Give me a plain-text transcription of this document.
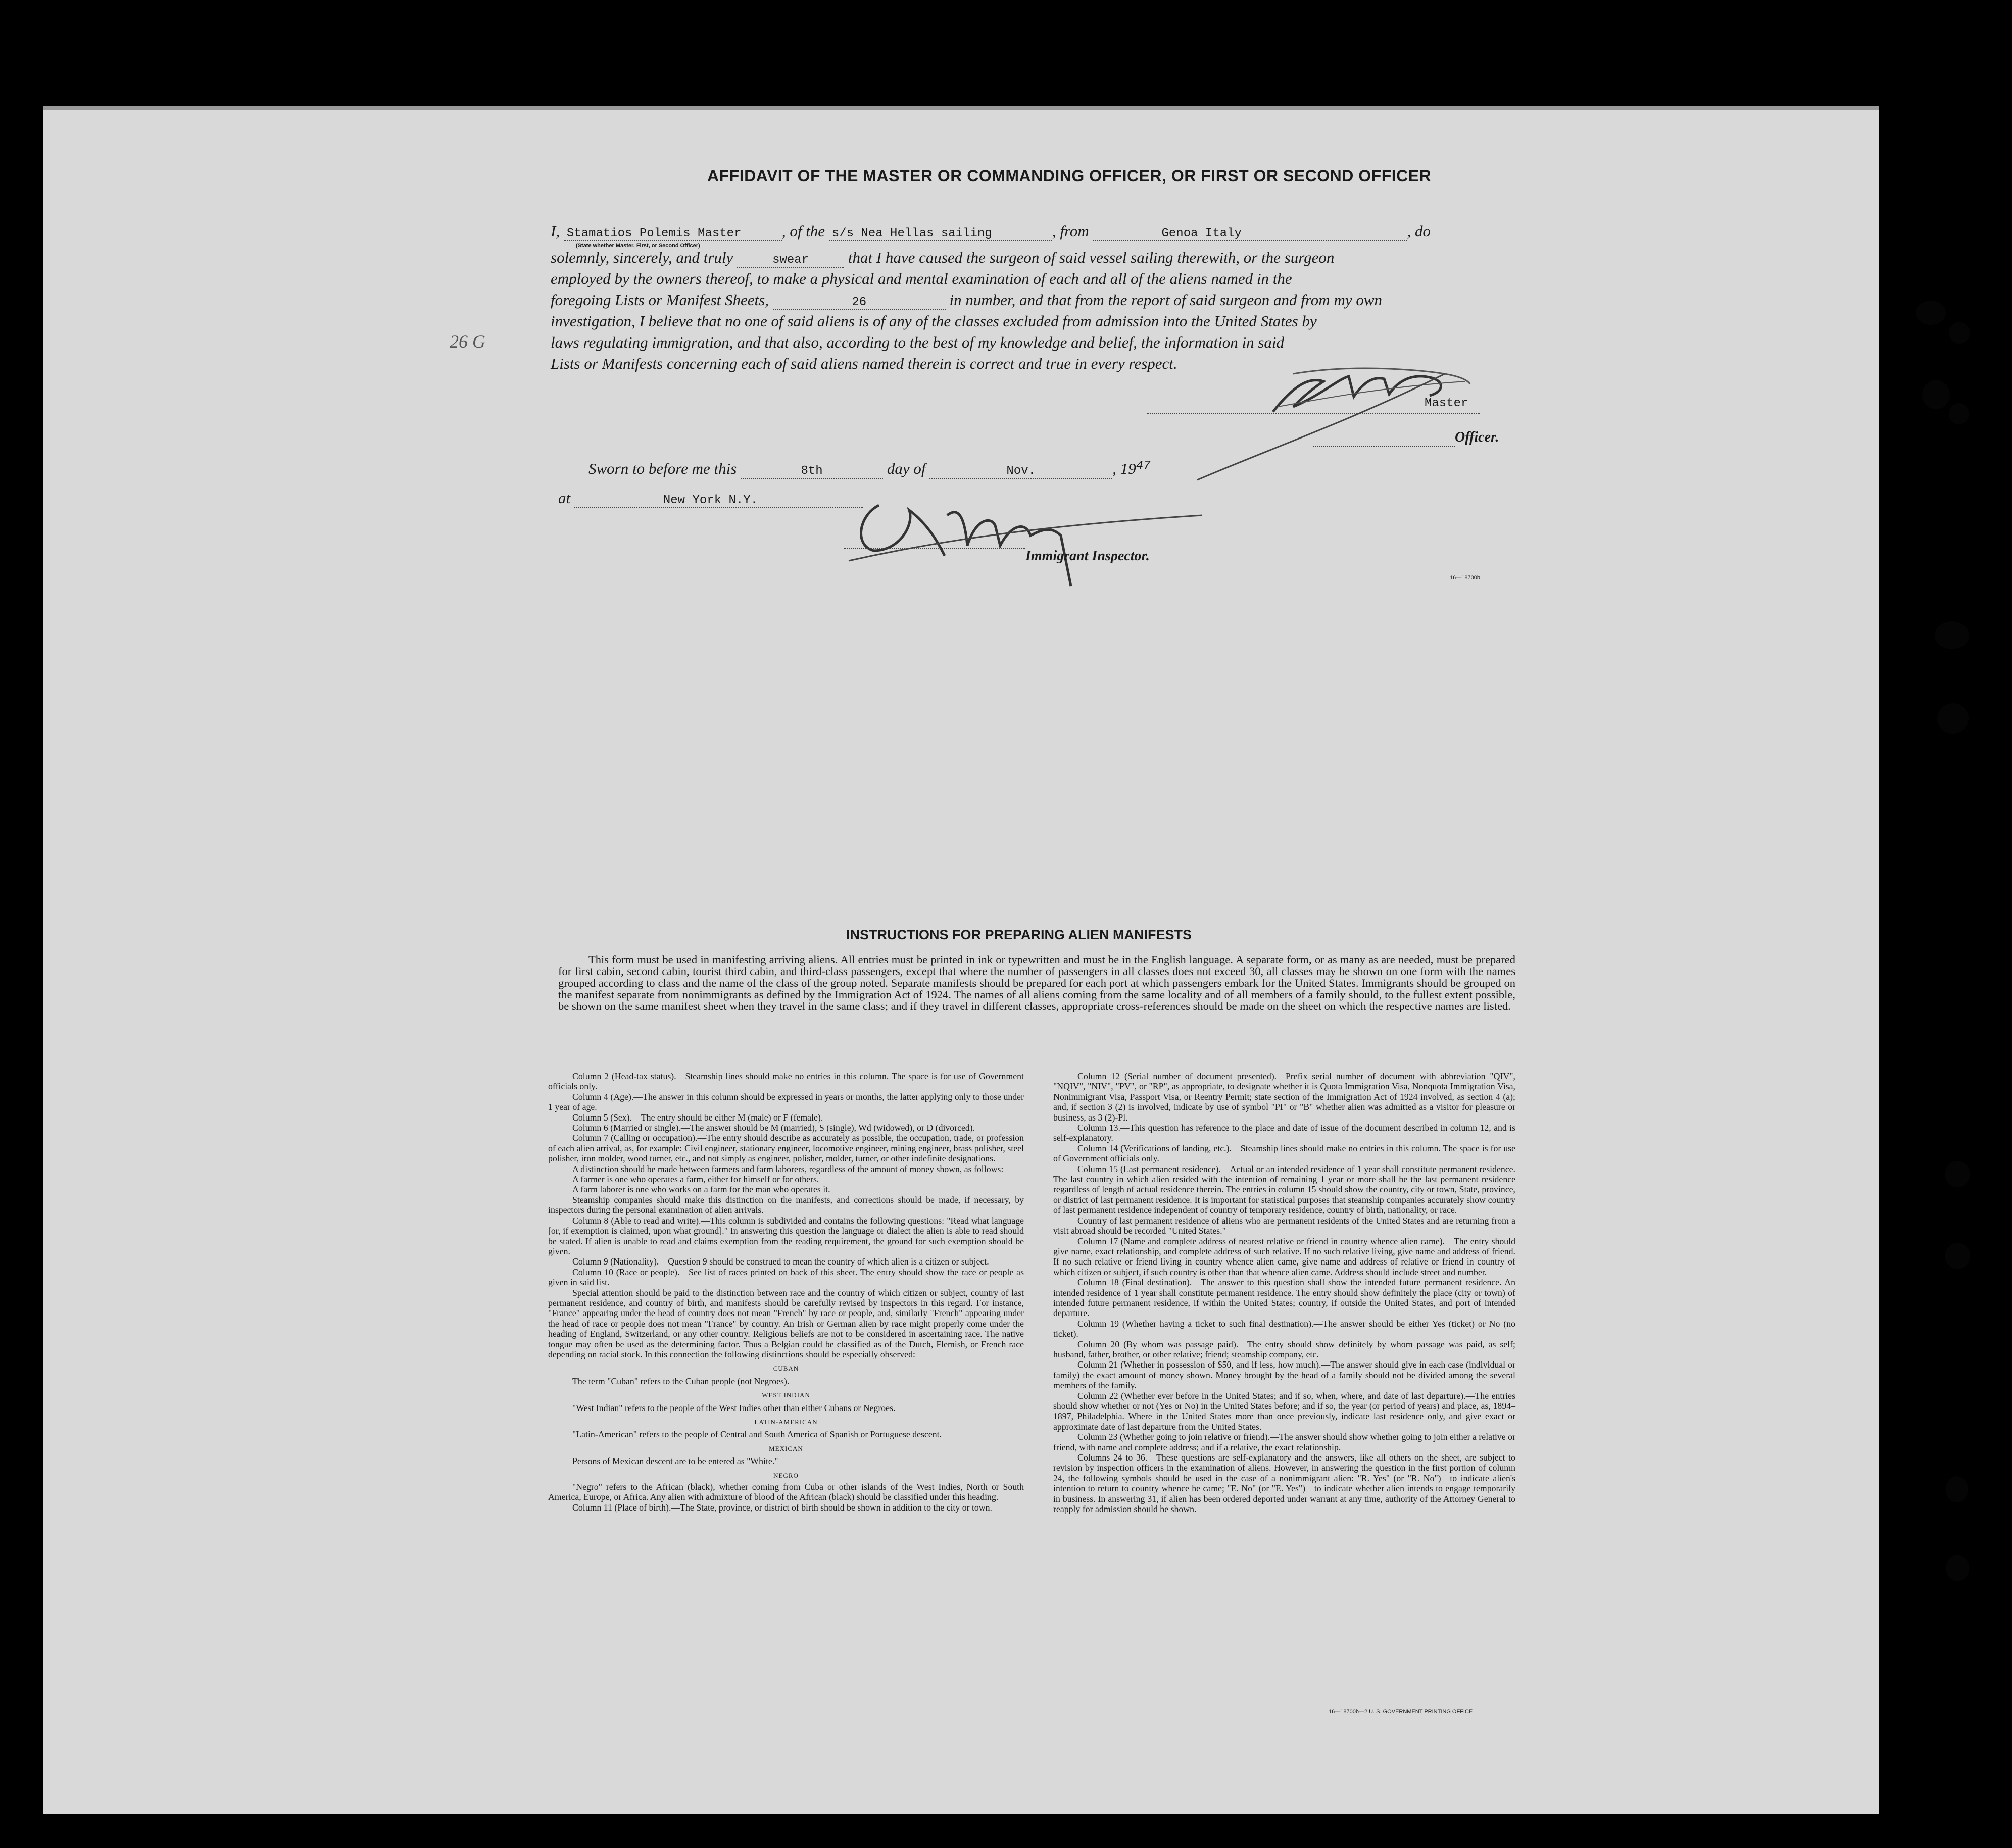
AFFIDAVIT OF THE MASTER OR COMMANDING OFFICER, OR FIRST OR SECOND OFFICER
I, Stamatios Polemis Master	, of the s/s Nea Hellas sailing	, from	Genoa Italy	, do
(State whether Master, First, or Second Officer)
solemnly, sincerely, and truly	swear	that I have caused the surgeon of said vessel sailing therewith, or the surgeon
employed by the owners thereof, to make a physical and mental examination of each and all of the aliens named in the
foregoing Lists or Manifest Sheets,	26	in number, and that from the report of said surgeon and from my own
investigation, I believe that no one of said aliens is of any of the classes excluded from admission into the United States by
laws regulating immigration, and that also, according to the best of my knowledge and belief, the information in said
Lists or Manifests concerning each of said aliens named therein is correct and true in every respect.
26 G
Master
Officer.
Sworn to before me this	8th	day of	Nov.	, $19^{47}$
at	New York N.Y.
Immigrant Inspector.
16—18700b
INSTRUCTIONS FOR PREPARING ALIEN MANIFESTS

This form must be used in manifesting arriving aliens. All entries must be printed in ink or typewritten and must be in the English language. A separate form, or as many as are needed, must be prepared for first cabin, second cabin, tourist third cabin, and third-class passengers, except that where the number of passengers in all classes does not exceed 30, all classes may be shown on one form with the names grouped according to class and the name of the class of the group noted. Separate manifests should be prepared for each port at which passengers embark for the United States. Immigrants should be grouped on the manifest separate from nonimmigrants as defined by the Immigration Act of 1924. The names of all aliens coming from the same locality and of all members of a family should, to the fullest extent possible, be shown on the same manifest sheet when they travel in the same class; and if they travel in different classes, appropriate cross-references should be made on the sheet on which the respective names are listed.

Column 2 (Head-tax status).—Steamship lines should make no entries in this column. The space is for use of Government officials only.

Column 4 (Age).—The answer in this column should be expressed in years or months, the latter applying only to those under 1 year of age.

Column 5 (Sex).—The entry should be either M (male) or F (female).

Column 6 (Married or single).—The answer should be M (married), S (single), Wd (widowed), or D (divorced).

Column 7 (Calling or occupation).—The entry should describe as accurately as possible, the occupation, trade, or profession of each alien arrival, as, for example: Civil engineer, stationary engineer, locomotive engineer, mining engineer, brass polisher, steel polisher, iron molder, wood turner, etc., and not simply as engineer, polisher, molder, turner, or other indefinite designations.

A distinction should be made between farmers and farm laborers, regardless of the amount of money shown, as follows:

A farmer is one who operates a farm, either for himself or for others.

A farm laborer is one who works on a farm for the man who operates it.

Steamship companies should make this distinction on the manifests, and corrections should be made, if necessary, by inspectors during the personal examination of alien arrivals.

Column 8 (Able to read and write).—This column is subdivided and contains the following questions: "Read what language [or, if exemption is claimed, upon what ground]." In answering this question the language or dialect the alien is able to read should be stated. If alien is unable to read and claims exemption from the reading requirement, the ground for such exemption should be given.

Column 9 (Nationality).—Question 9 should be construed to mean the country of which alien is a citizen or subject.

Column 10 (Race or people).—See list of races printed on back of this sheet. The entry should show the race or people as given in said list.

Special attention should be paid to the distinction between race and the country of which citizen or subject, country of last permanent residence, and country of birth, and manifests should be carefully revised by inspectors in this regard. For instance, "France" appearing under the head of country does not mean "French" by race or people, and, similarly "French" appearing under the head of race or people does not mean "France" by country. An Irish or German alien by race might properly come under the heading of England, Switzerland, or any other country. Religious beliefs are not to be considered in ascertaining race. The native tongue may often be used as the determining factor. Thus a Belgian could be classified as of the Dutch, Flemish, or French race depending on racial stock. In this connection the following distinctions should be especially observed:

CUBAN

The term "Cuban" refers to the Cuban people (not Negroes).

WEST INDIAN

"West Indian" refers to the people of the West Indies other than either Cubans or Negroes.

LATIN-AMERICAN

"Latin-American" refers to the people of Central and South America of Spanish or Portuguese descent.

MEXICAN

Persons of Mexican descent are to be entered as "White."

NEGRO

"Negro" refers to the African (black), whether coming from Cuba or other islands of the West Indies, North or South America, Europe, or Africa. Any alien with admixture of blood of the African (black) should be classified under this heading.

Column 11 (Place of birth).—The State, province, or district of birth should be shown in addition to the city or town.

Column 12 (Serial number of document presented).—Prefix serial number of document with abbreviation "QIV", "NQIV", "NIV", "PV", or "RP", as appropriate, to designate whether it is Quota Immigration Visa, Nonquota Immigration Visa, Nonimmigrant Visa, Passport Visa, or Reentry Permit; state section of the Immigration Act of 1924 involved, as section 4 (a); and, if section 3 (2) is involved, indicate by use of symbol "PI" or "B" whether alien was admitted as a visitor for pleasure or business, as 3 (2)-Pl.

Column 13.—This question has reference to the place and date of issue of the document described in column 12, and is self-explanatory.

Column 14 (Verifications of landing, etc.).—Steamship lines should make no entries in this column. The space is for use of Government officials only.

Column 15 (Last permanent residence).—Actual or an intended residence of 1 year shall constitute permanent residence. The last country in which alien resided with the intention of remaining 1 year or more shall be the last permanent residence regardless of length of actual residence therein. The entries in column 15 should show the country, city or town, State, province, or district of last permanent residence. It is important for statistical purposes that steamship companies accurately show country of last permanent residence independent of country of temporary residence, country of birth, nationality, or race.

Country of last permanent residence of aliens who are permanent residents of the United States and are returning from a visit abroad should be recorded "United States."

Column 17 (Name and complete address of nearest relative or friend in country whence alien came).—The entry should give name, exact relationship, and complete address of such relative. If no such relative living, give name and address of friend. If no such relative or friend living in country whence alien came, give name and address of relative or friend in country of which citizen or subject, if such country is other than that whence alien came. Address should include street and number.

Column 18 (Final destination).—The answer to this question shall show the intended future permanent residence. An intended residence of 1 year shall constitute permanent residence. The entry should show definitely the place (city or town) of intended future permanent residence, if within the United States; country, if outside the United States, and port of intended departure.

Column 19 (Whether having a ticket to such final destination).—The answer should be either Yes (ticket) or No (no ticket).

Column 20 (By whom was passage paid).—The entry should show definitely by whom passage was paid, as self; husband, father, brother, or other relative; friend; steamship company, etc.

Column 21 (Whether in possession of $50, and if less, how much).—The answer should give in each case (individual or family) the exact amount of money shown. Money brought by the head of a family should not be divided among the several members of the family.

Column 22 (Whether ever before in the United States; and if so, when, where, and date of last departure).—The entries should show whether or not (Yes or No) in the United States before; and if so, the year (or period of years) and place, as, 1894–1897, Philadelphia. Where in the United States more than once previously, indicate last residence only, and give exact or approximate date of last departure from the United States.

Column 23 (Whether going to join relative or friend).—The answer should show whether going to join either a relative or friend, with name and complete address; and if a relative, the exact relationship.

Columns 24 to 36.—These questions are self-explanatory and the answers, like all others on the sheet, are subject to revision by inspection officers in the examination of aliens. However, in answering the question in the first portion of column 24, the following symbols should be used in the case of a nonimmigrant alien: "R. Yes" (or "R. No")—to indicate alien's intention to return to country whence he came; "E. No" (or "E. Yes")—to indicate whether alien intends to engage temporarily in business. In answering 31, if alien has been ordered deported under warrant at any time, authority of the Attorney General to reapply for admission should be shown.

16—18700b—2 U. S. GOVERNMENT PRINTING OFFICE
